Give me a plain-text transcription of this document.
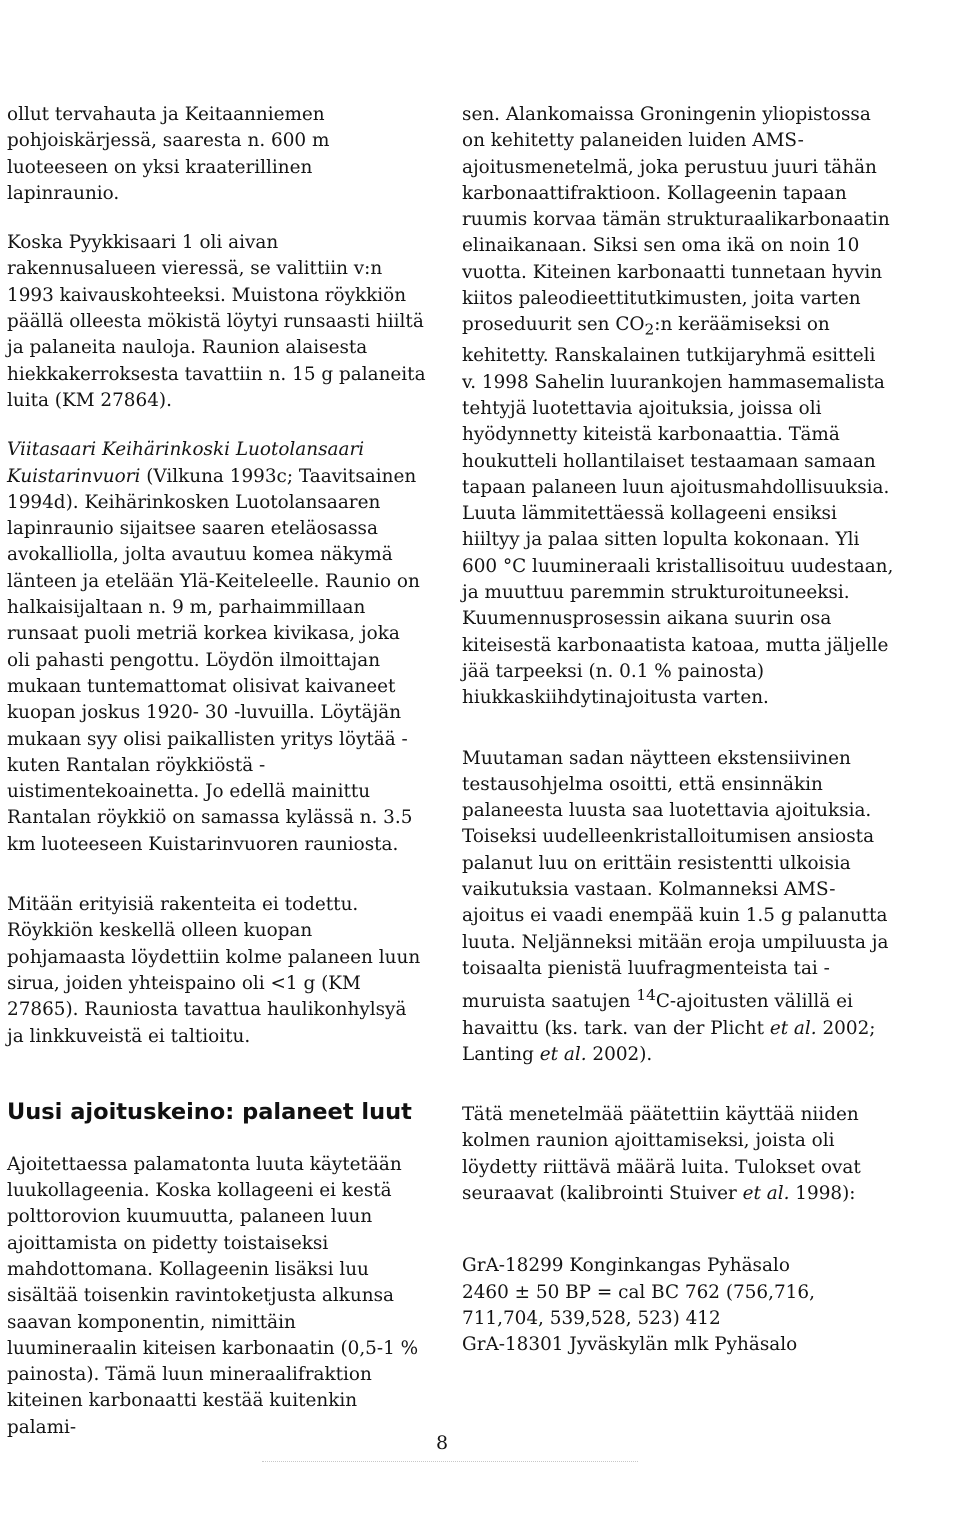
ollut tervahauta ja Keitaanniemen pohjoiskärjessä, saaresta n. 600 m luoteeseen on yksi kraaterillinen lapinraunio.

Koska Pyykkisaari 1 oli aivan rakennusalueen vieressä, se valittiin v:n 1993 kaivauskohteeksi. Muistona röykkiön päällä olleesta mökistä löytyi runsaasti hiiltä ja palaneita nauloja. Raunion alaisesta hiekkakerroksesta tavattiin n. 15 g palaneita luita (KM 27864).

Viitasaari Keihärinkoski Luotolansaari Kuistarinvuori (Vilkuna 1993c; Taavitsainen 1994d). Keihärinkosken Luotolansaaren lapinraunio sijaitsee saaren eteläosassa avokalliolla, jolta avautuu komea näkymä länteen ja etelään Ylä-Keiteleelle. Raunio on halkaisijaltaan n. 9 m, parhaimmillaan runsaat puoli metriä korkea kivikasa, joka oli pahasti pengottu. Löydön ilmoittajan mukaan tuntemattomat olisivat kaivaneet kuopan joskus 1920- 30 -luvuilla. Löytäjän mukaan syy olisi paikallisten yritys löytää - kuten Rantalan röykkiöstä - uistimentekoainetta. Jo edellä mainittu Rantalan röykkiö on samassa kylässä n. 3.5 km luoteeseen Kuistarinvuoren rauniosta.

Mitään erityisiä rakenteita ei todettu. Röykkiön keskellä olleen kuopan pohjamaasta löydettiin kolme palaneen luun sirua, joiden yhteispaino oli <1 g (KM 27865). Rauniosta tavattua haulikonhylsyä ja linkkuveistä ei taltioitu.

Uusi ajoituskeino: palaneet luut

Ajoitettaessa palamatonta luuta käytetään luukollageenia. Koska kollageeni ei kestä polttorovion kuumuutta, palaneen luun ajoittamista on pidetty toistaiseksi mahdottomana. Kollageenin lisäksi luu sisältää toisenkin ravintoketjusta alkunsa saavan komponentin, nimittäin luumineraalin kiteisen karbonaatin (0,5-1 % painosta). Tämä luun mineraalifraktion kiteinen karbonaatti kestää kuitenkin palami-

sen. Alankomaissa Groningenin yliopistossa on kehitetty palaneiden luiden AMS-ajoitusmenetelmä, joka perustuu juuri tähän karbonaattifraktioon. Kollageenin tapaan ruumis korvaa tämän strukturaalikarbonaatin elinaikanaan. Siksi sen oma ikä on noin 10 vuotta. Kiteinen karbonaatti tunnetaan hyvin kiitos paleodieettitutkimusten, joita varten proseduurit sen $CO_2:n$ keräämiseksi on kehitetty. Ranskalainen tutkijaryhmä esitteli v. 1998 Sahelin luurankojen hammasemalista tehtyjä luotettavia ajoituksia, joissa oli hyödynnetty kiteistä karbonaattia. Tämä houkutteli hollantilaiset testaamaan samaan tapaan palaneen luun ajoitusmahdollisuuksia. Luuta lämmitettäessä kollageeni ensiksi hiiltyy ja palaa sitten lopulta kokonaan. Yli 600 °C luumineraali kristallisoituu uudestaan, ja muuttuu paremmin strukturoituneeksi. Kuumennusprosessin aikana suurin osa kiteisestä karbonaatista katoaa, mutta jäljelle jää tarpeeksi (n. 0.1 % painosta) hiukkaskiihdytinajoitusta varten.

Muutaman sadan näytteen ekstensiivinen testausohjelma osoitti, että ensinnäkin palaneesta luusta saa luotettavia ajoituksia. Toiseksi uudelleenkristalloitumisen ansiosta palanut luu on erittäin resistentti ulkoisia vaikutuksia vastaan. Kolmanneksi AMS-ajoitus ei vaadi enempää kuin 1.5 g palanutta luuta. Neljänneksi mitään eroja umpiluusta ja toisaalta pienistä luufragmenteista tai -muruista saatujen $^{14}$C-ajoitusten välillä ei havaittu (ks. tark. van der Plicht et al. 2002; Lanting et al. 2002).

Tätä menetelmää päätettiin käyttää niiden kolmen raunion ajoittamiseksi, joista oli löydetty riittävä määrä luita. Tulokset ovat seuraavat (kalibrointi Stuiver et al. 1998):

GrA-18299 Konginkangas Pyhäsalo

2460 ± 50 BP = cal BC 762 (756,716, 711,704, 539,528, 523) 412

GrA-18301 Jyväskylän mlk Pyhäsalo

8
